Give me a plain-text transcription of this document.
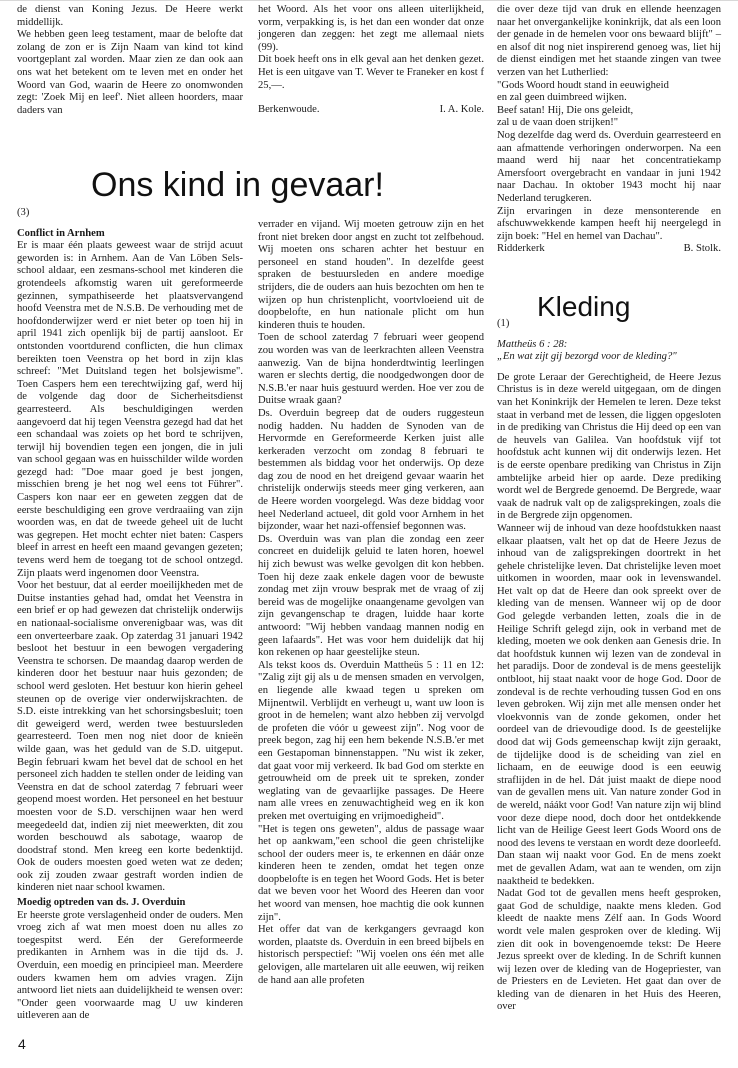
de dienst van Koning Jezus. De Heere werkt middellijk.

We hebben geen leeg testament, maar de belofte dat zolang de zon er is Zijn Naam van kind tot kind voortgeplant zal worden. Maar zien ze dan ook aan ons wat het betekent om te leven met en onder het Woord van God, waarin de Heere zo onomwonden zegt: 'Zoek Mij en leef'. Niet alleen hoorders, maar daders van

het Woord. Als het voor ons alleen uiterlijkheid, vorm, verpakking is, is het dan een wonder dat onze jongeren dan zeggen: het zegt me allemaal niets (99).

Dit boek heeft ons in elk geval aan het denken gezet. Het is een uitgave van T. Wever te Franeker en kost f 25,—.

Berkenwoude.	I. A. Kole.
Ons kind in gevaar!

(3)

Conflict in Arnhem

Er is maar één plaats geweest waar de strijd acuut geworden is: in Arnhem. Aan de Van Löben Sels-school aldaar, een zesmans-school met kinderen die grotendeels afkomstig waren uit gereformeerde gezinnen, sympathiseerde het plaatsvervangend hoofd Veenstra met de N.S.B. De verhouding met de hoofdonderwijzer werd er niet beter op toen hij in april 1941 zich openlijk bij de partij aansloot. Er ontstonden voortdurend conflicten, die hun climax bereikten toen Veenstra op het bord in zijn klas schreef: "Met Duitsland tegen het bolsjewisme". Toen Caspers hem een terechtwijzing gaf, werd hij de volgende dag door de Sicherheitsdienst gearresteerd. Als beschuldigingen werden aangevoerd dat hij tegen Veenstra gezegd had dat het een schandaal was zoiets op het bord te schrijven, terwijl hij bovendien tegen een jongen, die in juli van school gegaan was en huisschilder wilde worden gezegd had: "Doe maar goed je best jongen, misschien breng je het nog wel eens tot Führer". Caspers kon naar eer en geweten zeggen dat de eerste beschuldiging een grove verdraaiing van zijn woorden was, en dat de tweede geheel uit de lucht was gegrepen. Het mocht echter niet baten: Caspers bleef in arrest en heeft een maand gevangen gezeten; tevens werd hem de toegang tot de school ontzegd. Zijn plaats werd ingenomen door Veenstra.

Voor het bestuur, dat al eerder moeilijkheden met de Duitse instanties gehad had, omdat het Veenstra in een brief er op had gewezen dat christelijk onderwijs en nationaal-socialisme onverenigbaar was, was dit een onverteerbare zaak. Op zaterdag 31 januari 1942 besloot het bestuur in een bewogen vergadering Veenstra te schorsen. De maandag daarop werden de kinderen door het bestuur naar huis gezonden; de school werd gesloten. Het bestuur kon hierin geheel steunen op de overige vier onderwijskrachten. de S.D. eiste intrekking van het schorsingsbesluit; toen dit geweigerd werd, werden twee bestuursleden gearresteerd. Toen men nog niet door de knieën wilde gaan, was het geduld van de S.D. uitgeput. Begin februari kwam het bevel dat de school en het personeel zich hadden te stellen onder de leiding van Veenstra en dat de school zaterdag 7 februari weer geopend moest worden. Het personeel en het bestuur moesten voor de S.D. verschijnen waar hen werd meegedeeld dat, indien zij niet meewerkten, dit zou worden beschouwd als sabotage, waarop de doodstraf stond. Men kreeg een korte bedenktijd. Ook de ouders moesten goed weten wat ze deden; ook zij zouden zwaar gestraft worden indien de kinderen niet naar school kwamen.

Moedig optreden van ds. J. Overduin

Er heerste grote verslagenheid onder de ouders. Men vroeg zich af wat men moest doen nu alles zo toegespitst werd. Eén der Gereformeerde predikanten in Arnhem was in die tijd ds. J. Overduin, een moedig en principieel man. Meerdere ouders kwamen hem om advies vragen. Zijn antwoord liet niets aan duidelijkheid te wensen over: "Onder geen voorwaarde mag U uw kinderen uitleveren aan de

verrader en vijand. Wij moeten getrouw zijn en het front niet breken door angst en zucht tot zelfbehoud. Wij moeten ons scharen achter het bestuur en personeel en stand houden". In dezelfde geest spraken de bestuursleden en andere moedige strijders, die de ouders aan huis bezochten om hen te wijzen op hun christenplicht, voortvloeiend uit de doopbelofte, en hun nationale plicht om hun kinderen thuis te houden.

Toen de school zaterdag 7 februari weer geopend zou worden was van de leerkrachten alleen Veenstra aanwezig. Van de bijna honderdtwintig leerlingen waren er slechts dertig, die noodgedwongen door de N.S.B.'er naar huis gestuurd werden. Hoe ver zou de Duitse wraak gaan?

Ds. Overduin begreep dat de ouders ruggesteun nodig hadden. Nu hadden de Synoden van de Hervormde en Gereformeerde Kerken juist alle kerkeraden verzocht om zondag 8 februari te bestemmen als biddag voor het onderwijs. Op deze dag zou de nood en het dreigend gevaar waarin het christelijk onderwijs steeds meer ging verkeren, aan de Heere worden voorgelegd. Was deze biddag voor heel Nederland actueel, dit gold voor Arnhem in het bijzonder, waar het nazi-offensief begonnen was.

Ds. Overduin was van plan die zondag een zeer concreet en duidelijk geluid te laten horen, hoewel hij zich bewust was welke gevolgen dit kon hebben. Toen hij deze zaak enkele dagen voor de bewuste zondag met zijn vrouw besprak met de vraag of zij bereid was de mogelijke onaangename gevolgen van zijn gevangenschap te dragen, luidde haar korte antwoord: "Wij hebben vandaag mannen nodig en geen lafaards". Het was voor hem duidelijk dat hij kon rekenen op haar geestelijke steun.

Als tekst koos ds. Overduin Mattheüs 5 : 11 en 12: "Zalig zijt gij als u de mensen smaden en vervolgen, en liegende alle kwaad tegen u spreken om Mijnentwil. Verblijdt en verheugt u, want uw loon is groot in de hemelen; want alzo hebben zij vervolgd de profeten die vóór u geweest zijn". Nog voor de preek begon, zag hij een hem bekende N.S.B.'er met een Gestapoman binnenstappen. "Nu wist ik zeker, dat gaat voor mij verkeerd. Ik bad God om sterkte en getrouwheid om de preek uit te spreken, zonder weglating van de gevaarlijke passages. De Heere nam alle vrees en zenuwachtigheid weg en ik kon preken met overtuiging en vrijmoedigheid".

"Het is tegen ons geweten", aldus de passage waar het op aankwam,"een school die geen christelijke school der ouders meer is, te erkennen en dáár onze kinderen heen te zenden, omdat het tegen onze doopbelofte is en tegen het Woord Gods. Het is beter dat we beven voor het Woord des Heeren dan voor het woord van mensen, hoe machtig die ook kunnen zijn".

Het offer dat van de kerkgangers gevraagd kon worden, plaatste ds. Overduin in een breed bijbels en historisch perspectief: "Wij voelen ons één met alle gelovigen, alle martelaren uit alle eeuwen, wij reiken de hand aan alle profeten

die over deze tijd van druk en ellende heenzagen naar het onvergankelijke koninkrijk, dat als een loon der genade in de hemelen voor ons bewaard blijft" – en alsof dit nog niet inspirerend genoeg was, liet hij de dienst eindigen met het staande zingen van twee verzen van het Lutherlied:

"Gods Woord houdt stand in eeuwigheid

en zal geen duimbreed wijken.

Beef satan! Hij, Die ons geleidt,

zal u de vaan doen strijken!"

Nog dezelfde dag werd ds. Overduin gearresteerd en aan afmattende verhoringen onderworpen. Na een maand werd hij naar het concentratiekamp Amersfoort overgebracht en vandaar in juni 1942 naar Dachau. In oktober 1943 mocht hij naar Nederland terugkeren.

Zijn ervaringen in deze mensonterende en afschuwwekkende kampen heeft hij neergelegd in zijn boek: "Hel en hemel van Dachau".

Ridderkerk	B. Stolk.
Kleding

(1)

Mattheüs 6 : 28:

„En wat zijt gij bezorgd voor de kleding?"

De grote Leraar der Gerechtigheid, de Heere Jezus Christus is in deze wereld uitgegaan, om de dingen van het Koninkrijk der Hemelen te leren. Deze tekst staat in verband met de lessen, die liggen opgesloten in de prediking van Christus die Hij deed op een van de heuvels van Galilea. Van hoofdstuk vijf tot hoofdstuk acht kunnen wij dit onderwijs lezen. Het is de eerste openbare prediking van Christus in Zijn ambtelijke arbeid hier op aarde. Deze prediking wordt wel de Bergrede genoemd. De Bergrede, waar vaak de nadruk valt op de zaligsprekingen, zoals die in de Bergrede zijn opgenomen.

Wanneer wij de inhoud van deze hoofdstukken naast elkaar plaatsen, valt het op dat de Heere Jezus de inhoud van de zaligsprekingen doortrekt in het gehele christelijke leven. Dat christelijke leven moet uitkomen in woorden, maar ook in levenswandel. Het valt op dat de Heere dan ook spreekt over de kleding van de mensen. Wanneer wij op de door God gelegde verbanden letten, zoals die in de Heilige Schrift gelegd zijn, ook in verband met de kleding, moeten we ook denken aan Genesis drie. In dat hoofdstuk kunnen wij lezen van de zondeval in het paradijs. Door de zondeval is de mens geestelijk ontbloot, hij staat naakt voor de hoge God. Door de zondeval is de rechte verhouding tussen God en ons leven gebroken. Wij zijn met alle mensen onder het vloekvonnis van de zonde gekomen, onder het oordeel van de drievoudige dood. Is de geestelijke dood dat wij Gods gemeenschap kwijt zijn geraakt, de tijdelijke dood is de scheiding van ziel en lichaam, en de eeuwige dood is een eeuwig straflijden in de hel. Dát juist maakt de diepe nood van de gevallen mens uit. Van nature zonder God in de wereld, náákt voor God! Van nature zijn wij blind voor deze diepe nood, doch door het ontdekkende licht van de Heilige Geest leert Gods Woord ons de nood des levens te verstaan en wordt deze doorleefd. Dan staan wij naakt voor God. En de mens zoekt met de gevallen Adam, wat aan te wenden, om zijn naaktheid te bedekken.

Nadat God tot de gevallen mens heeft gesproken, gaat God de schuldige, naakte mens kleden. God kleedt de naakte mens Zélf aan. In Gods Woord wordt vele malen gesproken over de kleding. Wij zien dit ook in bovengenoemde tekst: De Heere Jezus spreekt over de kleding. In de Schrift kunnen wij lezen over de kleding van de Hogepriester, van de Priesters en de Levieten. Het gaat dan over de kleding van de dienaren in het Huis des Heeren, over

4
